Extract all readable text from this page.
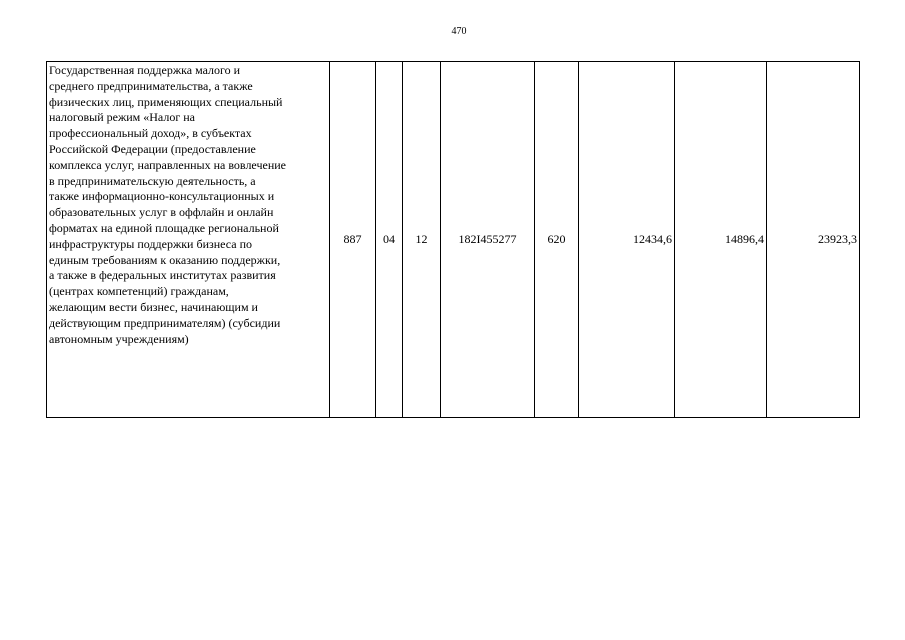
470
Государственная поддержка малого и
среднего предпринимательства, а также
физических лиц, применяющих специальный
налоговый режим «Налог на
профессиональный доход», в субъектах
Российской Федерации (предоставление
комплекса услуг, направленных на вовлечение
в предпринимательскую деятельность, а
также информационно-консультационных и
образовательных услуг в оффлайн и онлайн
форматах на единой площадке региональной
инфраструктуры поддержки бизнеса по
единым требованиям к оказанию поддержки,
а также в федеральных институтах развития
(центрах компетенций) гражданам,
желающим вести бизнес, начинающим и
действующим предпринимателям) (субсидии
автономным учреждениям)	887	04	12	182I455277	620	12434,6	14896,4	23923,3
